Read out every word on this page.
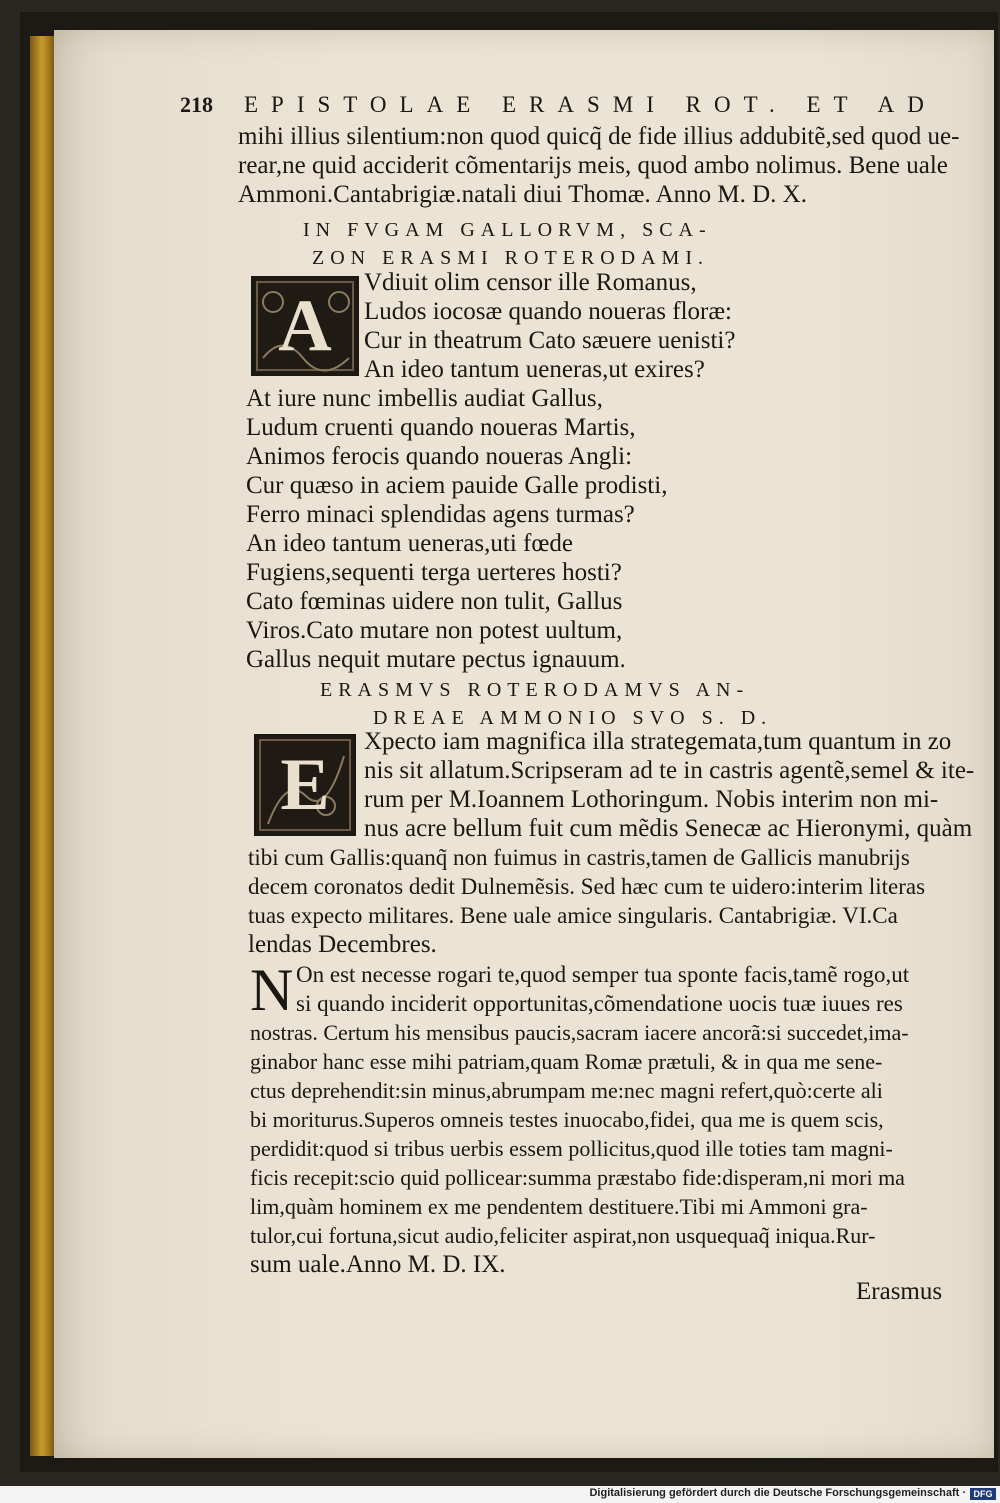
218 EPISTOLAE ERASMI ROT. ET AD
mihi illius silentium:non quod quicq̃ de fide illius addubitẽ,sed quod ue-
rear,ne quid acciderit cõmentarijs meis, quod ambo nolimus. Bene uale
Ammoni.Cantabrigiæ.natali diui Thomæ. Anno M. D. X.
IN FVGAM GALLORVM, SCA-
ZON ERASMI ROTERODAMI.
A
Vdiuit olim censor ille Romanus,
Ludos iocosæ quando noueras floræ:
Cur in theatrum Cato sæuere uenisti?
An ideo tantum ueneras,ut exires?
At iure nunc imbellis audiat Gallus,
Ludum cruenti quando noueras Martis,
Animos ferocis quando noueras Angli:
Cur quæso in aciem pauide Galle prodisti,
Ferro minaci splendidas agens turmas?
An ideo tantum ueneras,uti fœde
Fugiens,sequenti terga uerteres hosti?
Cato fœminas uidere non tulit, Gallus
Viros.Cato mutare non potest uultum,
Gallus nequit mutare pectus ignauum.
ERASMVS ROTERODAMVS AN-
DREAE AMMONIO SVO S. D.
E
Xpecto iam magnifica illa strategemata,tum quantum in zo
nis sit allatum.Scripseram ad te in castris agentẽ,semel & ite-
rum per M.Ioannem Lothoringum. Nobis interim non mi-
nus acre bellum fuit cum mẽdis Senecæ ac Hieronymi, quàm
tibi cum Gallis:quanq̃ non fuimus in castris,tamen de Gallicis manubrijs
decem coronatos dedit Dulnemẽsis. Sed hæc cum te uidero:interim literas
tuas expecto militares. Bene uale amice singularis. Cantabrigiæ. VI.Ca
lendas Decembres.
N On est necesse rogari te,quod semper tua sponte facis,tamẽ rogo,ut
si quando inciderit opportunitas,cõmendatione uocis tuæ iuues res
nostras. Certum his mensibus paucis,sacram iacere ancorã:si succedet,ima-
ginabor hanc esse mihi patriam,quam Romæ prætuli, & in qua me sene-
ctus deprehendit:sin minus,abrumpam me:nec magni refert,quò:certe ali
bi moriturus.Superos omneis testes inuocabo,fidei, qua me is quem scis,
perdidit:quod si tribus uerbis essem pollicitus,quod ille toties tam magni-
ficis recepit:scio quid pollicear:summa præstabo fide:disperam,ni mori ma
lim,quàm hominem ex me pendentem destituere.Tibi mi Ammoni gra-
tulor,cui fortuna,sicut audio,feliciter aspirat,non usquequaq̃ iniqua.Rur-
sum uale.Anno M. D. IX.
Erasmus
Digitalisierung gefördert durch die Deutsche Forschungsgemeinschaft · DFG
